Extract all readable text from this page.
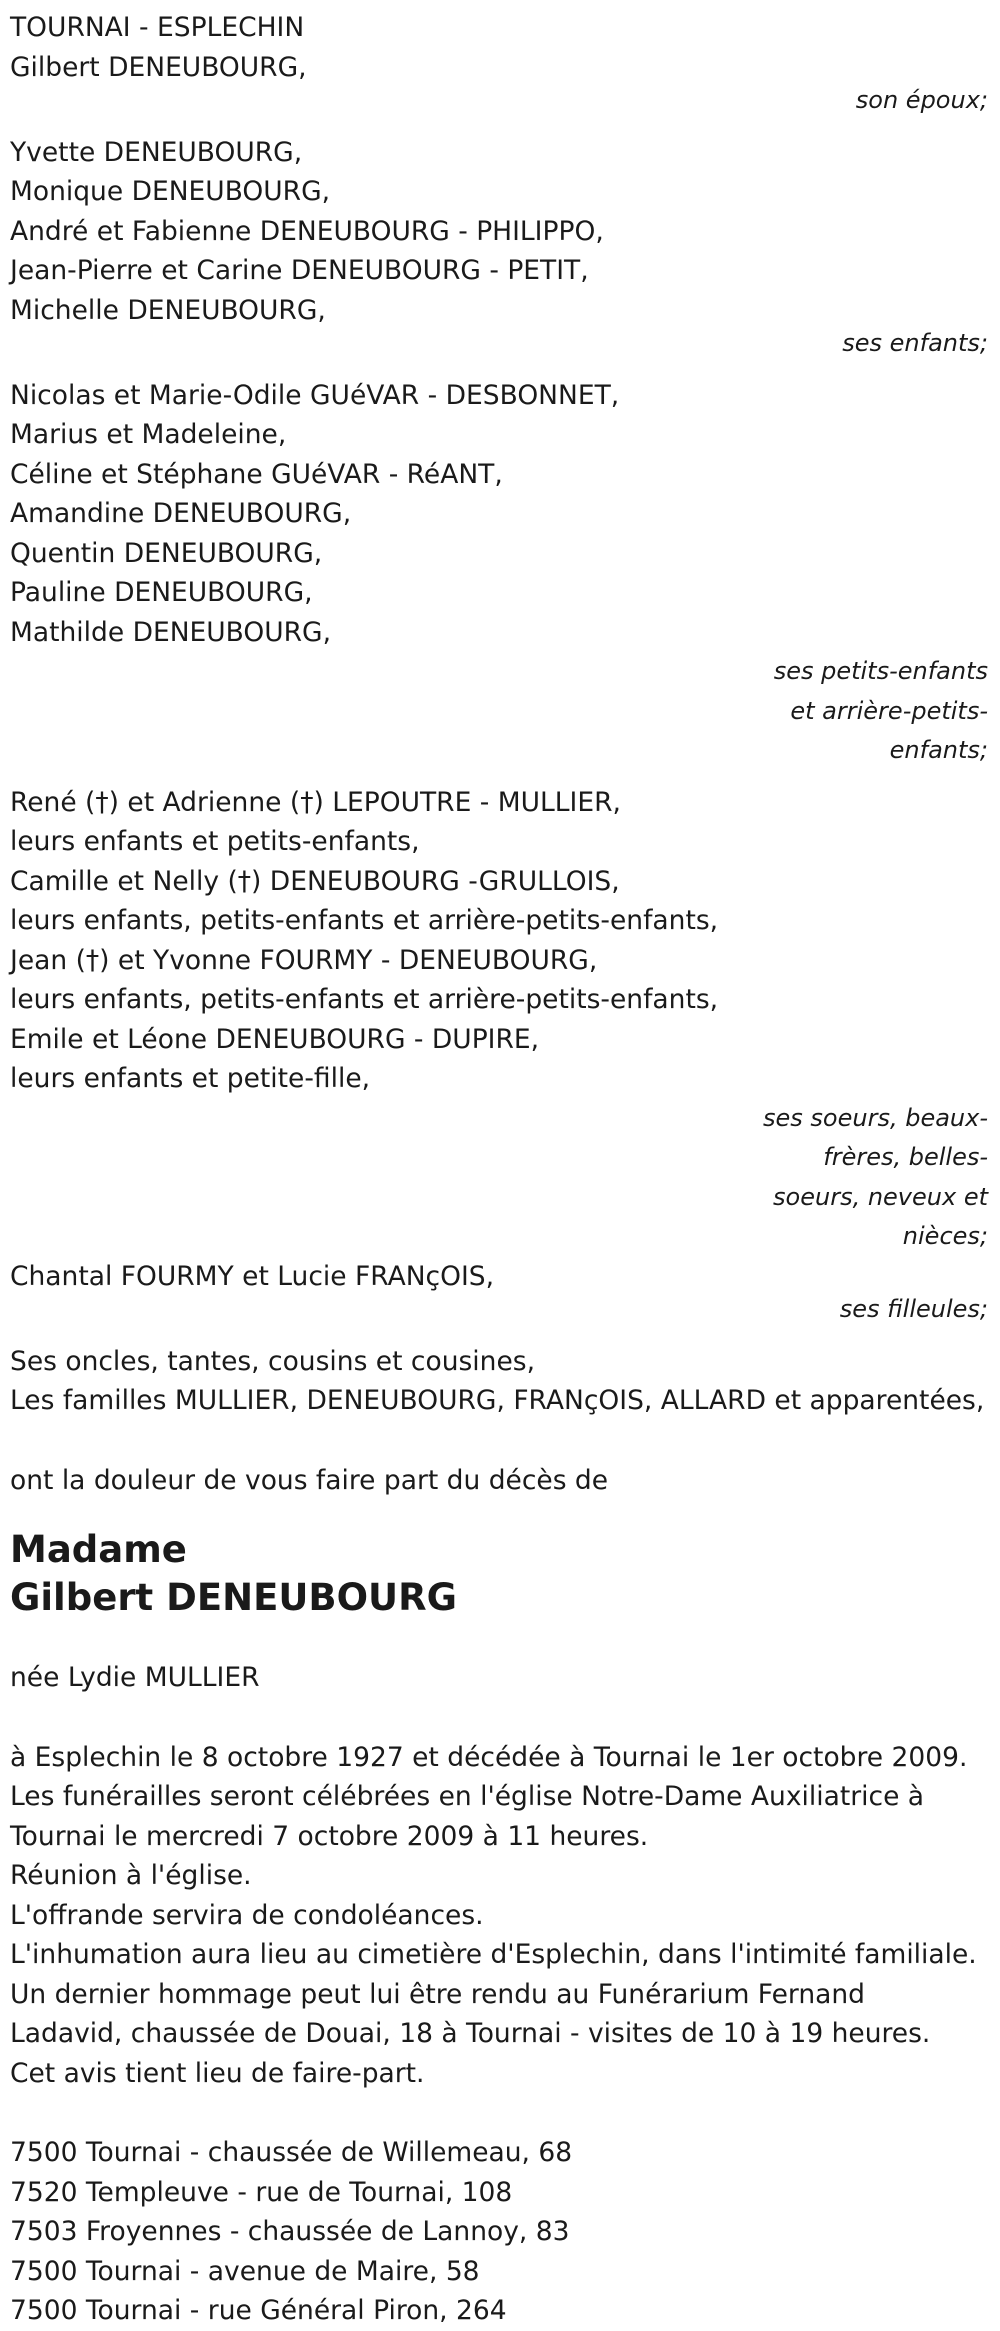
TOURNAI - ESPLECHIN
Gilbert DENEUBOURG,
son époux;
Yvette DENEUBOURG,
Monique DENEUBOURG,
André et Fabienne DENEUBOURG - PHILIPPO,
Jean-Pierre et Carine DENEUBOURG - PETIT,
Michelle DENEUBOURG,
ses enfants;
Nicolas et Marie-Odile GUéVAR - DESBONNET,
Marius et Madeleine,
Céline et Stéphane GUéVAR - RéANT,
Amandine DENEUBOURG,
Quentin DENEUBOURG,
Pauline DENEUBOURG,
Mathilde DENEUBOURG,
ses petits-enfants
et arrière-petits-
enfants;
René (†) et Adrienne (†) LEPOUTRE - MULLIER,
leurs enfants et petits-enfants,
Camille et Nelly (†) DENEUBOURG -GRULLOIS,
leurs enfants, petits-enfants et arrière-petits-enfants,
Jean (†) et Yvonne FOURMY - DENEUBOURG,
leurs enfants, petits-enfants et arrière-petits-enfants,
Emile et Léone DENEUBOURG - DUPIRE,
leurs enfants et petite-fille,
ses soeurs, beaux-
frères, belles-
soeurs, neveux et
nièces;
Chantal FOURMY et Lucie FRANçOIS,
ses filleules;
Ses oncles, tantes, cousins et cousines,
Les familles MULLIER, DENEUBOURG, FRANçOIS, ALLARD et apparentées,
ont la douleur de vous faire part du décès de
Madame
Gilbert DENEUBOURG
née Lydie MULLIER
à Esplechin le 8 octobre 1927 et décédée à Tournai le 1er octobre 2009.
Les funérailles seront célébrées en l'église Notre-Dame Auxiliatrice à
Tournai le mercredi 7 octobre 2009 à 11 heures.
Réunion à l'église.
L'offrande servira de condoléances.
L'inhumation aura lieu au cimetière d'Esplechin, dans l'intimité familiale.
Un dernier hommage peut lui être rendu au Funérarium Fernand
Ladavid, chaussée de Douai, 18 à Tournai - visites de 10 à 19 heures.
Cet avis tient lieu de faire-part.
7500 Tournai - chaussée de Willemeau, 68
7520 Templeuve - rue de Tournai, 108
7503 Froyennes - chaussée de Lannoy, 83
7500 Tournai - avenue de Maire, 58
7500 Tournai - rue Général Piron, 264
